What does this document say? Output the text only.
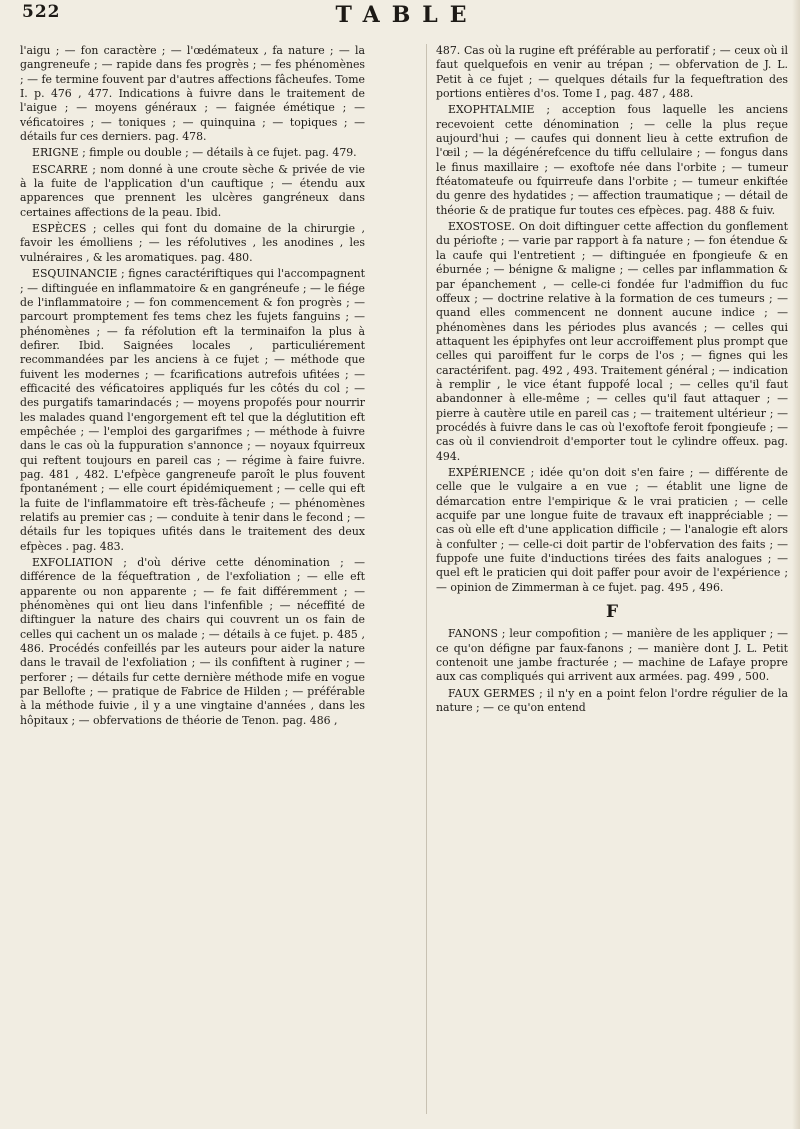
522	TABLE

l'aigu ; — fon caractère ; — l'œdémateux , fa nature ; — la gangreneufe ; — rapide dans fes progrès ; — fes phénomènes ; — fe termine fouvent par d'autres affections fâcheufes. Tome I. p. 476 , 477. Indications à fuivre dans le traitement de l'aigue ; — moyens généraux ; — faignée émétique ; — véficatoires ; — toniques ; — quinquina ; — topiques ; — détails fur ces derniers. pag. 478.

ERIGNE ; fimple ou double ; — détails à ce fujet. pag. 479.

ESCARRE ; nom donné à une croute sèche & privée de vie à la fuite de l'application d'un cauftique ; — étendu aux apparences que prennent les ulcères gangréneux dans certaines affections de la peau. Ibid.

ESPÈCES ; celles qui font du domaine de la chirurgie , favoir les émolliens ; — les réfolutives , les anodines , les vulnéraires , & les aromatiques. pag. 480.

ESQUINANCIE ; fignes caractériftiques qui l'accompagnent ; — diftinguée en inflammatoire & en gangréneufe ; — le fiége de l'inflammatoire ; — fon commencement & fon progrès ; — parcourt promptement fes tems chez les fujets fanguins ; — phénomènes ; — fa réfolution eft la terminaifon la plus à defirer. Ibid. Saignées locales , particuliérement recommandées par les anciens à ce fujet ; — méthode que fuivent les modernes ; — fcarifications autrefois ufitées ; — efficacité des véficatoires appliqués fur les côtés du col ; — des purgatifs tamarindacés ; — moyens propofés pour nourrir les malades quand l'engorgement eft tel que la déglutition eft empêchée ; — l'emploi des gargarifmes ; — méthode à fuivre dans le cas où la fuppuration s'annonce ; — noyaux fquirreux qui reftent toujours en pareil cas ; — régime à faire fuivre. pag. 481 , 482. L'efpèce gangreneufe paroît le plus fouvent fpontanément ; — elle court épidémiquement ; — celle qui eft la fuite de l'inflammatoire eft très-fâcheufe ; — phénomènes relatifs au premier cas ; — conduite à tenir dans le fecond ; — détails fur les topiques ufités dans le traitement des deux efpèces . pag. 483.

EXFOLIATION ; d'où dérive cette dénomination ; — différence de la féqueftration , de l'exfoliation ; — elle eft apparente ou non apparente ; — fe fait différemment ; — phénomènes qui ont lieu dans l'infenfible ; — néceffité de diftinguer la nature des chairs qui couvrent un os fain de celles qui cachent un os malade ; — détails à ce fujet. p. 485 , 486. Procédés confeillés par les auteurs pour aider la nature dans le travail de l'exfoliation ; — ils confiftent à ruginer ; — perforer ; — détails fur cette dernière méthode mife en vogue par Bellofte ; — pratique de Fabrice de Hilden ; — préférable à la méthode fuivie , il y a une vingtaine d'années , dans les hôpitaux ; — obfervations de théorie de Tenon. pag. 486 ,

487. Cas où la rugine eft préférable au perforatif ; — ceux où il faut quelquefois en venir au trépan ; — obfervation de J. L. Petit à ce fujet ; — quelques détails fur la fequeftration des portions entières d'os. Tome I , pag. 487 , 488.

EXOPHTALMIE ; acception fous laquelle les anciens recevoient cette dénomination ; — celle la plus reçue aujourd'hui ; — caufes qui donnent lieu à cette extrufion de l'œil ; — la dégénérefcence du tiffu cellulaire ; — fongus dans le finus maxillaire ; — exoftofe née dans l'orbite ; — tumeur ftéatomateufe ou fquirreufe dans l'orbite ; — tumeur enkiftée du genre des hydatides ; — affection traumatique ; — détail de théorie & de pratique fur toutes ces efpèces. pag. 488 & fuiv.

EXOSTOSE. On doit diftinguer cette affection du gonflement du périofte ; — varie par rapport à fa nature ; — fon étendue & la caufe qui l'entretient ; — diftinguée en fpongieufe & en éburnée ; — bénigne & maligne ; — celles par inflammation & par épanchement , — celle-ci fondée fur l'admiffion du fuc offeux ; — doctrine relative à la formation de ces tumeurs ; — quand elles commencent ne donnent aucune indice ; — phénomènes dans les périodes plus avancés ; — celles qui attaquent les épiphyfes ont leur accroiffement plus prompt que celles qui paroiffent fur le corps de l'os ; — fignes qui les caractérifent. pag. 492 , 493. Traitement général ; — indication à remplir , le vice étant fuppofé local ; — celles qu'il faut abandonner à elle-même ; — celles qu'il faut attaquer ; — pierre à cautère utile en pareil cas ; — traitement ultérieur ; — procédés à fuivre dans le cas où l'exoftofe feroit fpongieufe ; — cas où il conviendroit d'emporter tout le cylindre offeux. pag. 494.

EXPÉRIENCE ; idée qu'on doit s'en faire ; — différente de celle que le vulgaire a en vue ; — établit une ligne de démarcation entre l'empirique & le vrai praticien ; — celle acquife par une longue fuite de travaux eft inappréciable ; — cas où elle eft d'une application difficile ; — l'analogie eft alors à confulter ; — celle-ci doit partir de l'obfervation des faits ; — fuppofe une fuite d'inductions tirées des faits analogues ; — quel eft le praticien qui doit paffer pour avoir de l'expérience ; — opinion de Zimmerman à ce fujet. pag. 495 , 496.

F

FANONS ; leur compofition ; — manière de les appliquer ; — ce qu'on défigne par faux-fanons ; — manière dont J. L. Petit contenoit une jambe fracturée ; — machine de Lafaye propre aux cas compliqués qui arrivent aux armées. pag. 499 , 500.

FAUX GERMES ; il n'y en a point felon l'ordre régulier de la nature ; — ce qu'on entend
